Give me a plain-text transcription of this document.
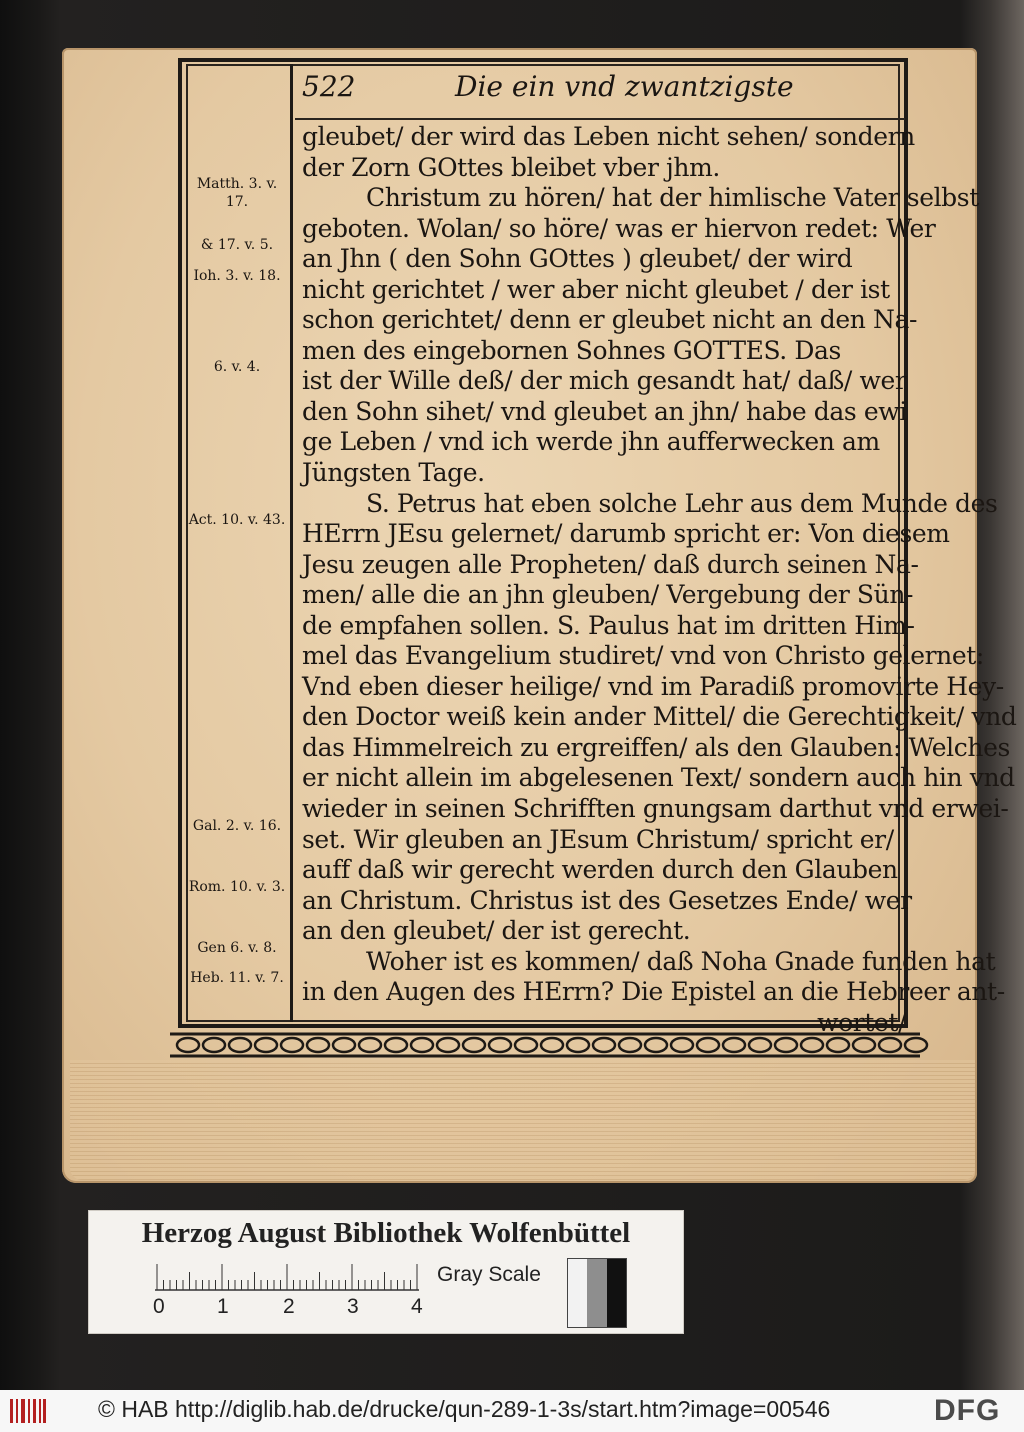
522	Die ein vnd zwantzigste
gleubet/ der wird das Leben nicht sehen/ sondern
der Zorn GOttes bleibet vber jhm.
Christum zu hören/ hat der himlische Vater selbst
geboten. Wolan/ so höre/ was er hiervon redet: Wer
an Jhn ( den Sohn GOttes ) gleubet/ der wird
nicht gerichtet / wer aber nicht gleubet / der ist
schon gerichtet/ denn er gleubet nicht an den Na-
men des eingebornen Sohnes GOTTES. Das
ist der Wille deß/ der mich gesandt hat/ daß/ wer
den Sohn sihet/ vnd gleubet an jhn/ habe das ewi
ge Leben / vnd ich werde jhn aufferwecken am
Jüngsten Tage.
S. Petrus hat eben solche Lehr aus dem Munde des
HErrn JEsu gelernet/ darumb spricht er: Von diesem
Jesu zeugen alle Propheten/ daß durch seinen Na-
men/ alle die an jhn gleuben/ Vergebung der Sün-
de empfahen sollen. S. Paulus hat im dritten Him-
mel das Evangelium studiret/ vnd von Christo gelernet:
Vnd eben dieser heilige/ vnd im Paradiß promovirte Hey-
den Doctor weiß kein ander Mittel/ die Gerechtigkeit/ vnd
das Himmelreich zu ergreiffen/ als den Glauben: Welches
er nicht allein im abgelesenen Text/ sondern auch hin vnd
wieder in seinen Schrifften gnungsam darthut vnd erwei-
set. Wir gleuben an JEsum Christum/ spricht er/
auff daß wir gerecht werden durch den Glauben
an Christum. Christus ist des Gesetzes Ende/ wer
an den gleubet/ der ist gerecht.
Woher ist es kommen/ daß Noha Gnade funden hat
in den Augen des HErrn? Die Epistel an die Hebreer ant-
wortet/
Matth. 3. v. 17.
& 17. v. 5.
Ioh. 3. v. 18.
6. v. 4.
Act. 10. v. 43.
Gal. 2. v. 16.
Rom. 10. v. 3.
Gen 6. v. 8.
Heb. 11. v. 7.
Herzog August Bibliothek Wolfenbüttel
0 1	2 3 4
Gray Scale
© HAB http://diglib.hab.de/drucke/qun-289-1-3s/start.htm?image=00546	DFG
